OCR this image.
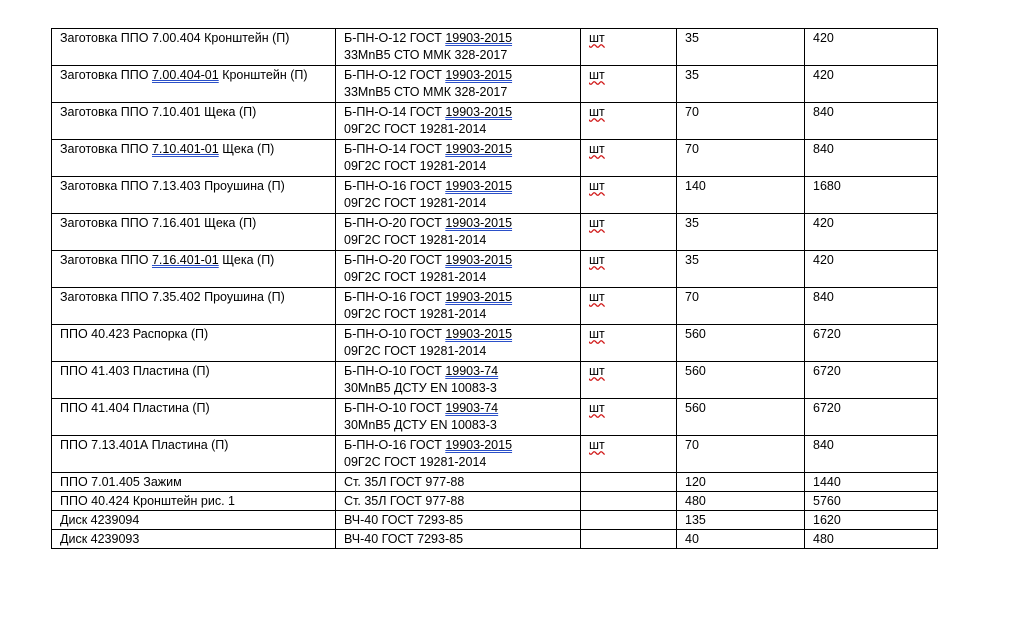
Заготовка ППО 7.00.404 Кронштейн (П)	Б-ПН-О-12 ГОСТ 19903-2015
33MnB5 СТО ММК 328-2017	шт	35	420
Заготовка ППО 7.00.404-01 Кронштейн (П)	Б-ПН-О-12 ГОСТ 19903-2015
33MnB5 СТО ММК 328-2017	шт	35	420
Заготовка ППО 7.10.401 Щека (П)	Б-ПН-О-14 ГОСТ 19903-2015
09Г2С ГОСТ 19281-2014	шт	70	840
Заготовка ППО 7.10.401-01 Щека (П)	Б-ПН-О-14 ГОСТ 19903-2015
09Г2С ГОСТ 19281-2014	шт	70	840
Заготовка ППО 7.13.403 Проушина (П)	Б-ПН-О-16 ГОСТ 19903-2015
09Г2С ГОСТ 19281-2014	шт	140	1680
Заготовка ППО 7.16.401 Щека (П)	Б-ПН-О-20 ГОСТ 19903-2015
09Г2С ГОСТ 19281-2014	шт	35	420
Заготовка ППО 7.16.401-01 Щека (П)	Б-ПН-О-20 ГОСТ 19903-2015
09Г2С ГОСТ 19281-2014	шт	35	420
Заготовка ППО 7.35.402 Проушина (П)	Б-ПН-О-16 ГОСТ 19903-2015
09Г2С ГОСТ 19281-2014	шт	70	840
ППО 40.423 Распорка (П)	Б-ПН-О-10 ГОСТ 19903-2015
09Г2С ГОСТ 19281-2014	шт	560	6720
ППО 41.403 Пластина (П)	Б-ПН-О-10 ГОСТ 19903-74
30MnB5 ДСТУ EN 10083-3	шт	560	6720
ППО 41.404 Пластина (П)	Б-ПН-О-10 ГОСТ 19903-74
30MnB5 ДСТУ EN 10083-3	шт	560	6720
ППО 7.13.401А Пластина (П)	Б-ПН-О-16 ГОСТ 19903-2015
09Г2С ГОСТ 19281-2014	шт	70	840
ППО 7.01.405 Зажим	Ст. 35Л ГОСТ 977-88		120	1440
ППО 40.424 Кронштейн рис. 1	Ст. 35Л ГОСТ 977-88		480	5760
Диск 4239094	ВЧ-40 ГОСТ 7293-85		135	1620
Диск 4239093	ВЧ-40 ГОСТ 7293-85		40	480
